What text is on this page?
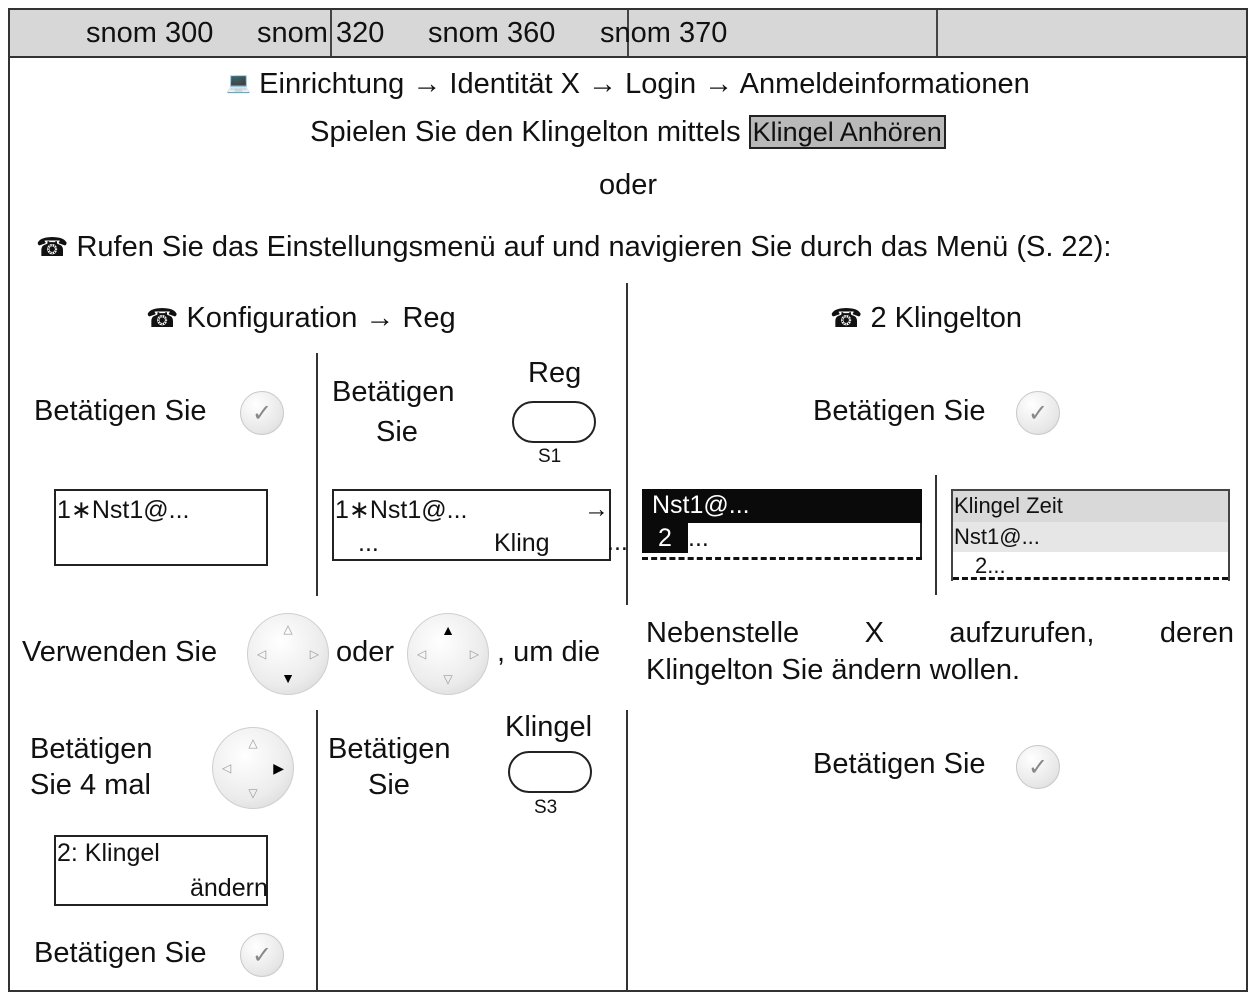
snom 300 snom 320 snom 360 snom 370
💻 Einrichtung → Identität X → Login → Anmeldeinformationen
Spielen Sie den Klingelton mittels Klingel Anhören
oder
☎ Rufen Sie das Einstellungsmenü auf und navigieren Sie durch das Menü (S. 22):
☎ Konfiguration → Reg	☎ 2 Klingelton
Betätigen Sie	✓
Betätigen
Sie
Reg
S1
Betätigen Sie	✓
1∗Nst1@...	1∗Nst1@...	→
...	Kling ...
Nst1@...
2 ...
Klingel Zeit
Nst1@...
2...
Verwenden Sie
△
▼
◁	▷ oder
▲
▽
◁	▷ , um die
Nebenstelle X aufzurufen, deren
Klingelton Sie ändern wollen.
Betätigen
Sie 4 mal
△
▽
◁	▶
Betätigen
Sie
Klingel
S3
Betätigen Sie	✓
2: Klingel
ändern
Betätigen Sie	✓
